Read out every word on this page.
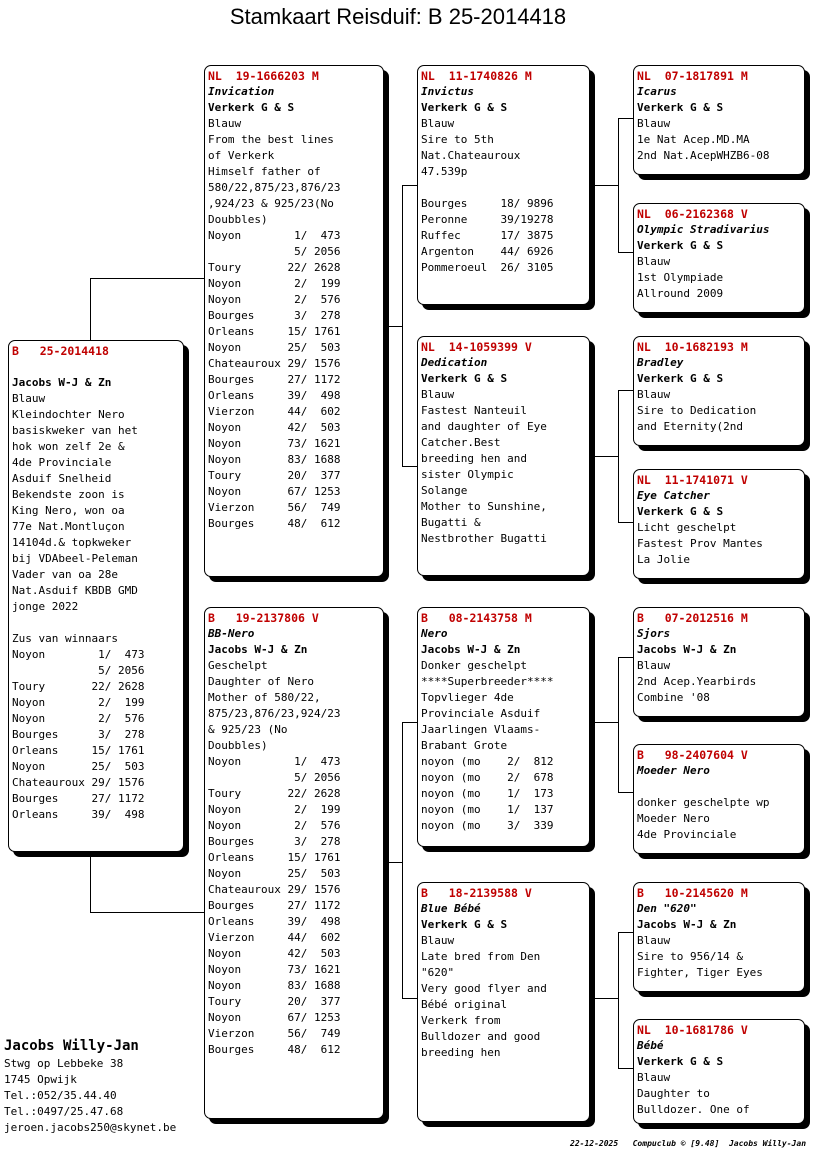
Stamkaart Reisduif: B 25-2014418
B   25-2014418

Jacobs W-J & Zn
Blauw
Kleindochter Nero
basiskweker van het
hok won zelf 2e &
4de Provinciale
Asduif Snelheid
Bekendste zoon is
King Nero, won oa
77e Nat.Montluçon
14104d.& topkweker
bij VDAbeel-Peleman
Vader van oa 28e
Nat.Asduif KBDB GMD
jonge 2022

Zus van winnaars
Noyon        1/  473
5/ 2056
Toury       22/ 2628
Noyon        2/  199
Noyon        2/  576
Bourges      3/  278
Orleans     15/ 1761
Noyon       25/  503
Chateauroux 29/ 1576
Bourges     27/ 1172
Orleans     39/  498
NL  19-1666203 M
Invication
Verkerk G & S
Blauw
From the best lines
of Verkerk
Himself father of
580/22,875/23,876/23
,924/23 & 925/23(No
Doubbles)
Noyon        1/  473
5/ 2056
Toury       22/ 2628
Noyon        2/  199
Noyon        2/  576
Bourges      3/  278
Orleans     15/ 1761
Noyon       25/  503
Chateauroux 29/ 1576
Bourges     27/ 1172
Orleans     39/  498
Vierzon     44/  602
Noyon       42/  503
Noyon       73/ 1621
Noyon       83/ 1688
Toury       20/  377
Noyon       67/ 1253
Vierzon     56/  749
Bourges     48/  612
B   19-2137806 V
BB-Nero
Jacobs W-J & Zn
Geschelpt
Daughter of Nero
Mother of 580/22,
875/23,876/23,924/23
& 925/23 (No
Doubbles)
Noyon        1/  473
5/ 2056
Toury       22/ 2628
Noyon        2/  199
Noyon        2/  576
Bourges      3/  278
Orleans     15/ 1761
Noyon       25/  503
Chateauroux 29/ 1576
Bourges     27/ 1172
Orleans     39/  498
Vierzon     44/  602
Noyon       42/  503
Noyon       73/ 1621
Noyon       83/ 1688
Toury       20/  377
Noyon       67/ 1253
Vierzon     56/  749
Bourges     48/  612
NL  11-1740826 M
Invictus
Verkerk G & S
Blauw
Sire to 5th
Nat.Chateauroux
47.539p

Bourges     18/ 9896
Peronne     39/19278
Ruffec      17/ 3875
Argenton    44/ 6926
Pommeroeul  26/ 3105
NL  14-1059399 V
Dedication
Verkerk G & S
Blauw
Fastest Nanteuil
and daughter of Eye
Catcher.Best
breeding hen and
sister Olympic
Solange
Mother to Sunshine,
Bugatti &
Nestbrother Bugatti
B   08-2143758 M
Nero
Jacobs W-J & Zn
Donker geschelpt
****Superbreeder****
Topvlieger 4de
Provinciale Asduif
Jaarlingen Vlaams-
Brabant Grote
noyon (mo    2/  812
noyon (mo    2/  678
noyon (mo    1/  173
noyon (mo    1/  137
noyon (mo    3/  339
B   18-2139588 V
Blue Bébé
Verkerk G & S
Blauw
Late bred from Den
"620"
Very good flyer and
Bébé original
Verkerk from
Bulldozer and good
breeding hen
NL  07-1817891 M
Icarus
Verkerk G & S
Blauw
1e Nat Acep.MD.MA
2nd Nat.AcepWHZB6-08
NL  06-2162368 V
Olympic Stradivarius
Verkerk G & S
Blauw
1st Olympiade
Allround 2009
NL  10-1682193 M
Bradley
Verkerk G & S
Blauw
Sire to Dedication
and Eternity(2nd
NL  11-1741071 V
Eye Catcher
Verkerk G & S
Licht geschelpt
Fastest Prov Mantes
La Jolie
B   07-2012516 M
Sjors
Jacobs W-J & Zn
Blauw
2nd Acep.Yearbirds
Combine '08
B   98-2407604 V
Moeder Nero

donker geschelpte wp
Moeder Nero
4de Provinciale
B   10-2145620 M
Den "620"
Jacobs W-J & Zn
Blauw
Sire to 956/14 &
Fighter, Tiger Eyes
NL  10-1681786 V
Bébé
Verkerk G & S
Blauw
Daughter to
Bulldozer. One of
Jacobs Willy-Jan
Stwg op Lebbeke 38
1745 Opwijk
Tel.:052/35.44.40
Tel.:0497/25.47.68
jeroen.jacobs250@skynet.be
22-12-2025   Compuclub © [9.48]  Jacobs Willy-Jan
